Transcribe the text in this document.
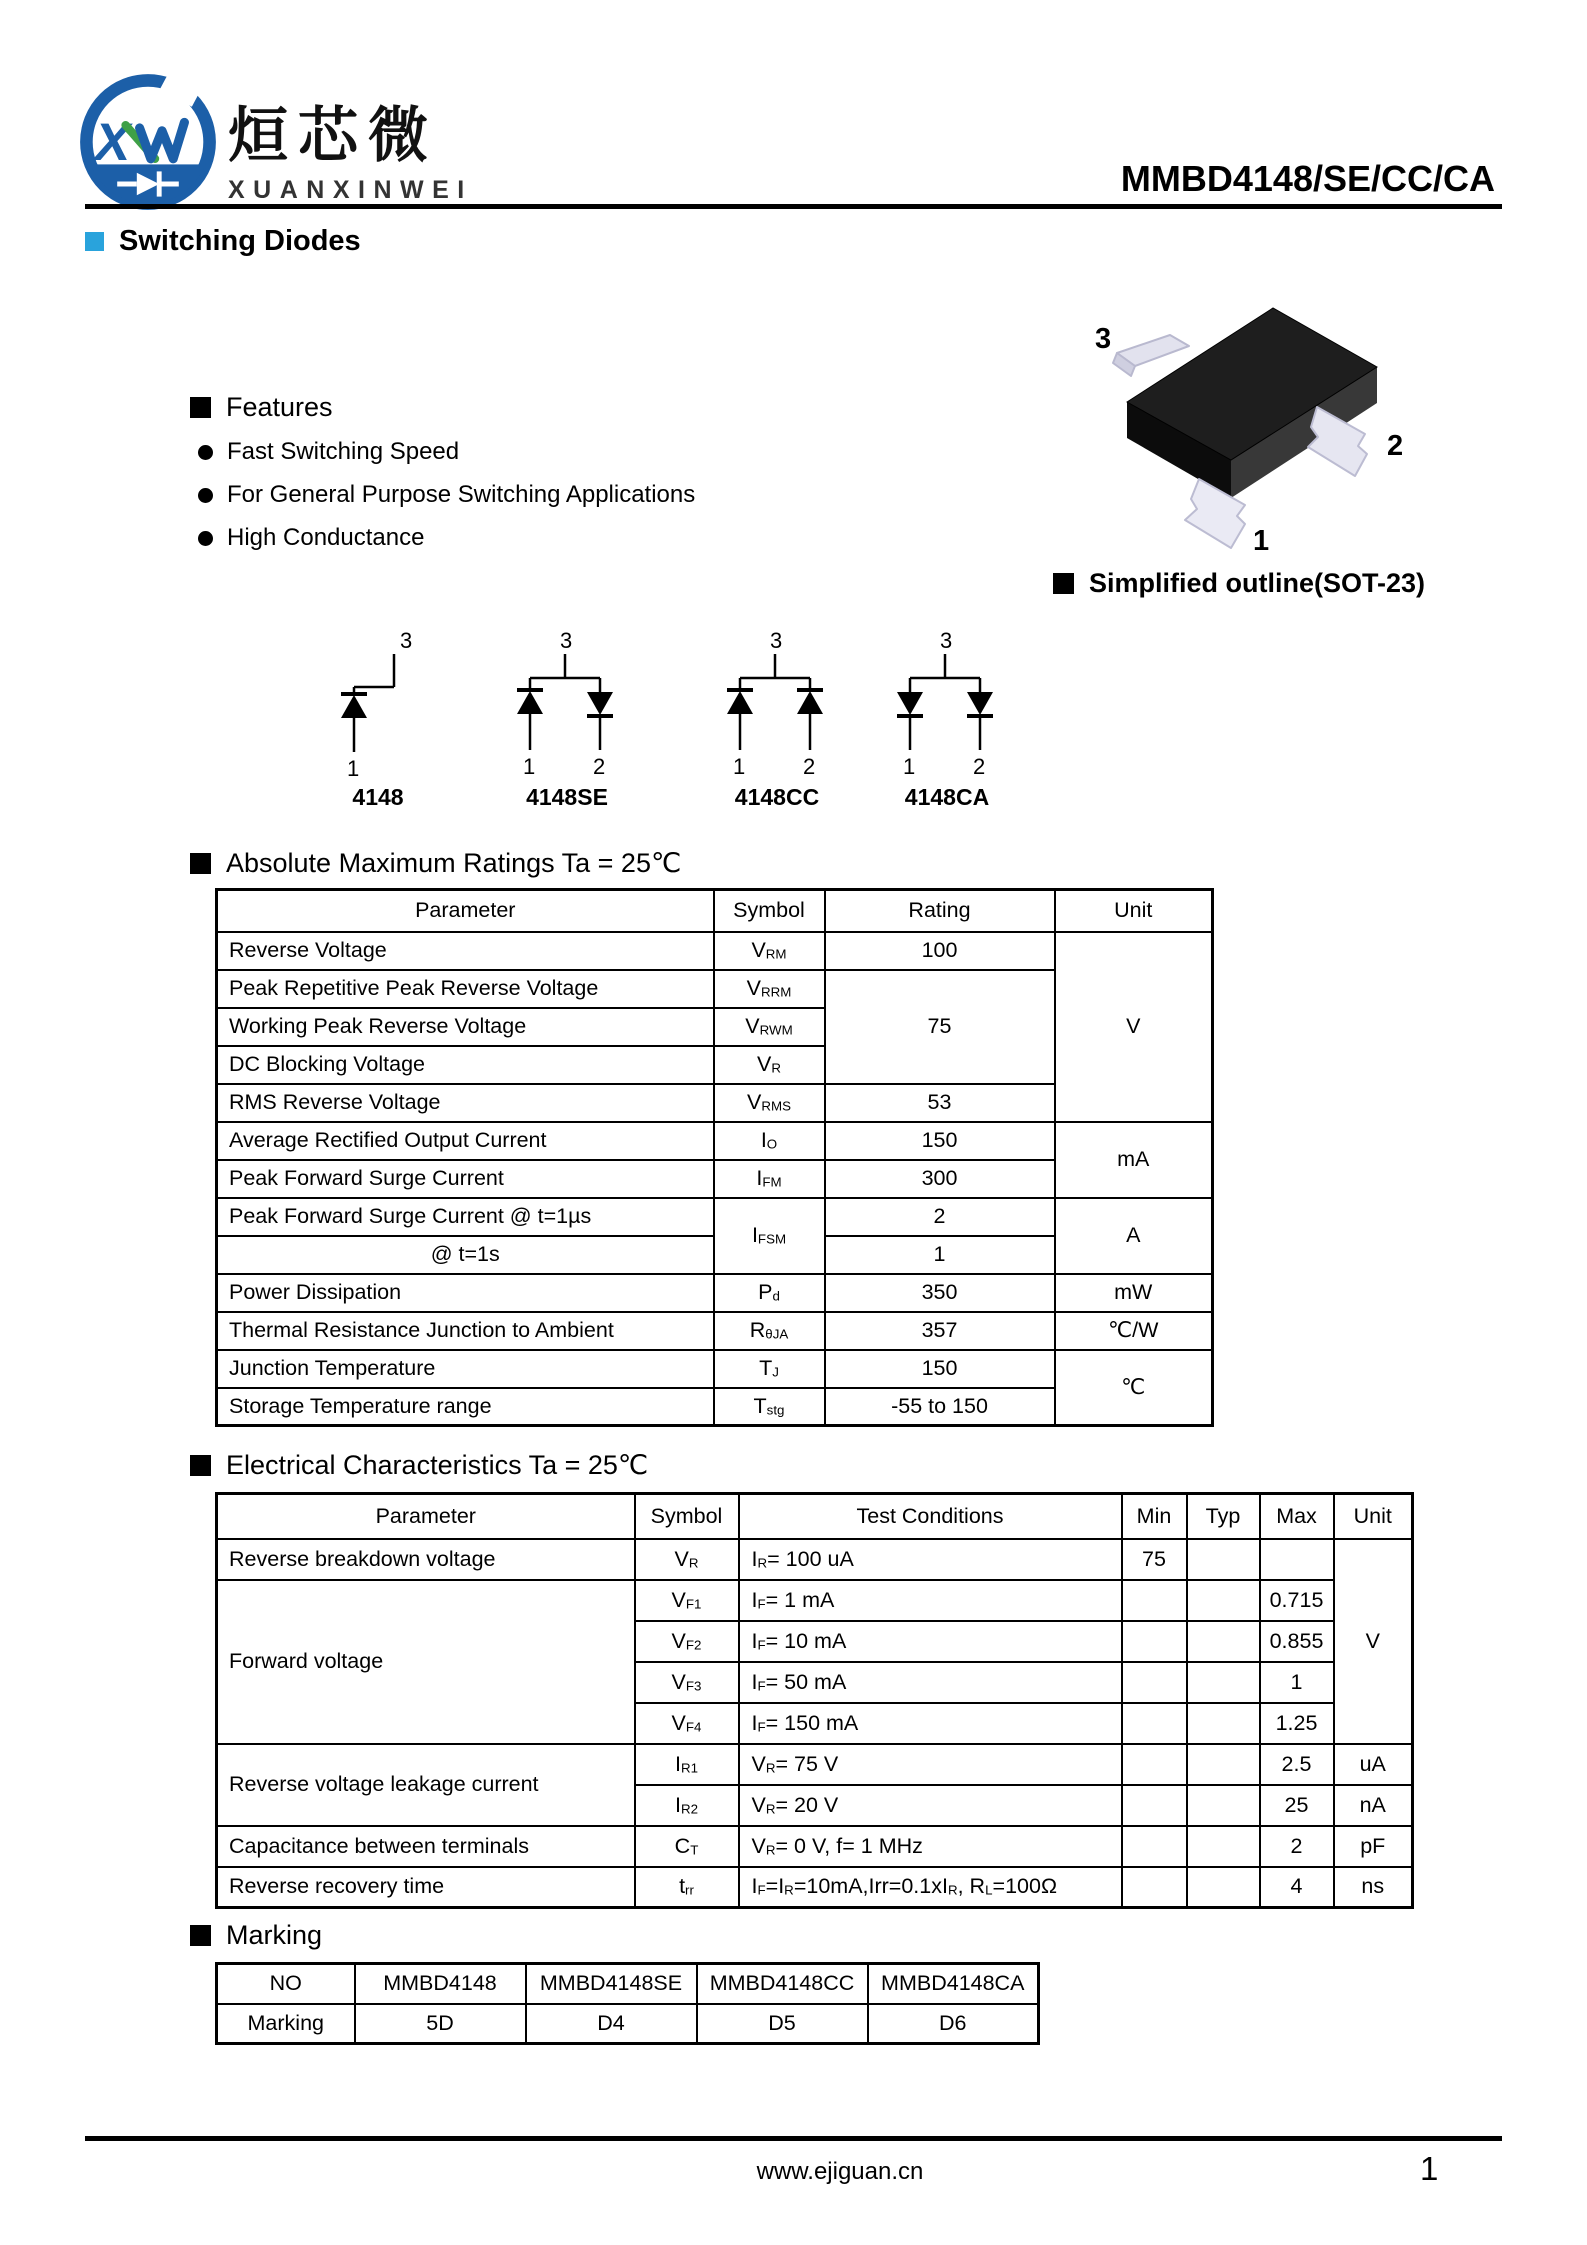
X 烜芯微
XUANXINWEI	MMBD4148/SE/CC/CA
Switching Diodes
3
2
1
Simplified outline(SOT-23)
Features
Fast Switching Speed
For General Purpose Switching Applications
High Conductance
3
1
4148
3
1	2
4148SE
3
1	2
4148CC
3
1	2
4148CA
Absolute Maximum Ratings Ta = 25℃
Parameter	Symbol	Rating	Unit
Reverse Voltage	$V_{RM}$	100	V
Peak Repetitive Peak Reverse Voltage	$V_{RRM}$	75	
Working Peak Reverse Voltage	$V_{RWM}$
DC Blocking Voltage	$V_R$
RMS Reverse Voltage	$V_{RMS}$	53	
Average Rectified Output Current	$I_O$	150	mA
Peak Forward Surge Current	$I_{FM}$	300	
Peak Forward Surge Current @ t=1µs	$I_{FSM}$	2	A
@ t=1s		1	
Power Dissipation	$P_d$	350	mW
Thermal Resistance Junction to Ambient	$R_{\theta JA}$	357	℃/W
Junction Temperature	$T_J$	150	℃
Storage Temperature range	$T_{stg}$	-55 to 150	
Electrical Characteristics Ta = 25℃
Parameter	Symbol	Test Conditions	Min	Typ	Max	Unit
Reverse breakdown voltage	$V_R$	$I_R= 100$ uA	75			V
Forward voltage	$V_{F1}$	$I_F= 1$ mA			0.715	
	$V_{F2}$	$I_F= 10$ mA			0.855	
	$V_{F3}$	$I_F= 50$ mA			1	
	$V_{F4}$	$I_F= 150$ mA			1.25	
Reverse voltage leakage current	$I_{R1}$	$V_R= 75$ V			2.5	uA
	$I_{R2}$	$V_R= 20$ V			25	nA
Capacitance between terminals	$C_T$	$V_R= 0$ V, f= 1 MHz			2	pF
Reverse recovery time	$t_{rr}$	$I_F=I_R=10mA,Irr=0.1xI_R$, $R_L=100\Omega$			4	ns
Marking
NO	MMBD4148	MMBD4148SE	MMBD4148CC	MMBD4148CA
Marking	5D	D4	D5	D6
www.ejiguan.cn	1
